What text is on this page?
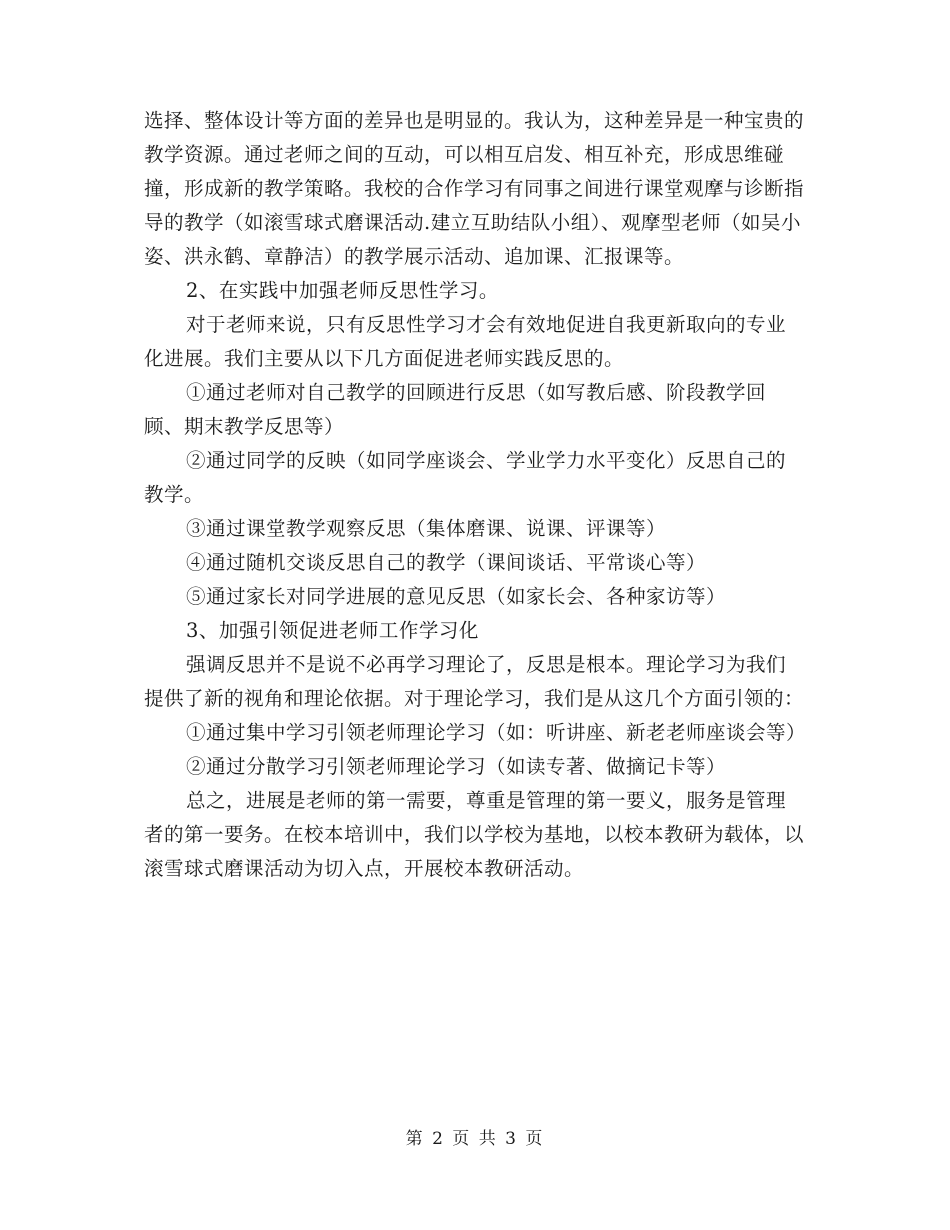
选择、整体设计等方面的差异也是明显的。我认为，这种差异是一种宝贵的教学资源。通过老师之间的互动，可以相互启发、相互补充，形成思维碰撞，形成新的教学策略。我校的合作学习有同事之间进行课堂观摩与诊断指导的教学（如滚雪球式磨课活动.建立互助结队小组）、观摩型老师（如吴小姿、洪永鹤、章静洁）的教学展示活动、追加课、汇报课等。

2、在实践中加强老师反思性学习。

对于老师来说，只有反思性学习才会有效地促进自我更新取向的专业化进展。我们主要从以下几方面促进老师实践反思的。

①通过老师对自己教学的回顾进行反思（如写教后感、阶段教学回顾、期末教学反思等）

②通过同学的反映（如同学座谈会、学业学力水平变化）反思自己的教学。

③通过课堂教学观察反思（集体磨课、说课、评课等）

④通过随机交谈反思自己的教学（课间谈话、平常谈心等）

⑤通过家长对同学进展的意见反思（如家长会、各种家访等）

3、加强引领促进老师工作学习化

强调反思并不是说不必再学习理论了，反思是根本。理论学习为我们提供了新的视角和理论依据。对于理论学习，我们是从这几个方面引领的：

①通过集中学习引领老师理论学习（如：听讲座、新老老师座谈会等）

②通过分散学习引领老师理论学习（如读专著、做摘记卡等）

总之，进展是老师的第一需要，尊重是管理的第一要义，服务是管理者的第一要务。在校本培训中，我们以学校为基地，以校本教研为载体，以滚雪球式磨课活动为切入点，开展校本教研活动。

第 2 页 共 3 页
